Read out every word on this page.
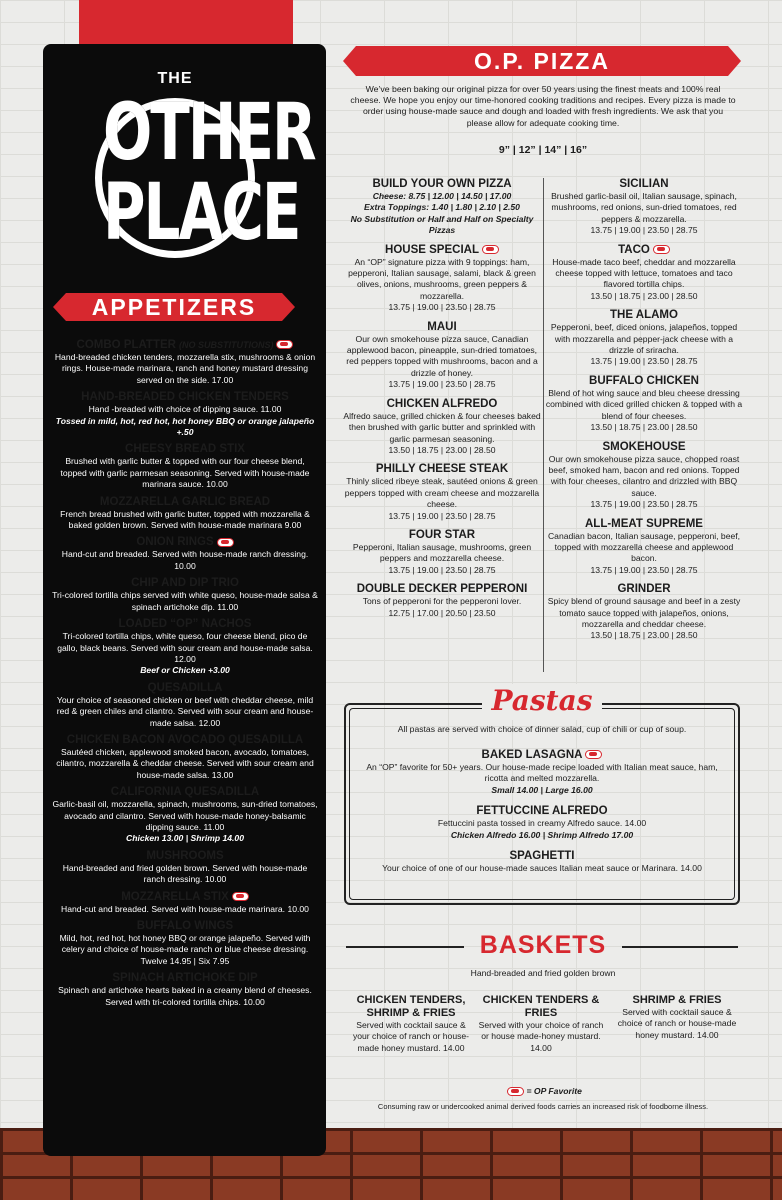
THE
OTHER
PLACE
APPETIZERS
COMBO PLATTER (NO SUBSTITUTIONS)
Hand-breaded chicken tenders, mozzarella stix, mushrooms & onion rings. House-made marinara, ranch and honey mustard dressing served on the side. 17.00
HAND-BREADED CHICKEN TENDERS
Hand -breaded with choice of dipping sauce. 11.00
Tossed in mild, hot, red hot, hot honey BBQ or orange jalapeño +.50
CHEESY BREAD STIX
Brushed with garlic butter & topped with our four cheese blend, topped with garlic parmesan seasoning. Served with house-made marinara sauce. 10.00
MOZZARELLA GARLIC BREAD
French bread brushed with garlic butter, topped with mozzarella & baked golden brown. Served with house-made marinara 9.00
ONION RINGS
Hand-cut and breaded. Served with house-made ranch dressing. 10.00
CHIP AND DIP TRIO
Tri-colored tortilla chips served with white queso, house-made salsa & spinach artichoke dip. 11.00
LOADED “OP” NACHOS
Tri-colored tortilla chips, white queso, four cheese blend, pico de gallo, black beans. Served with sour cream and house-made salsa. 12.00
Beef or Chicken +3.00
QUESADILLA
Your choice of seasoned chicken or beef with cheddar cheese, mild red & green chiles and cilantro. Served with sour cream and house-made salsa. 12.00
CHICKEN BACON AVOCADO QUESADILLA
Sautéed chicken, applewood smoked bacon, avocado, tomatoes, cilantro, mozzarella & cheddar cheese. Served with sour cream and house-made salsa. 13.00
CALIFORNIA QUESADILLA
Garlic-basil oil, mozzarella, spinach, mushrooms, sun-dried tomatoes, avocado and cilantro. Served with house-made honey-balsamic dipping sauce. 11.00
Chicken 13.00 | Shrimp 14.00
MUSHROOMS
Hand-breaded and fried golden brown. Served with house-made ranch dressing. 10.00
MOZZARELLA STIX
Hand-cut and breaded. Served with house-made marinara. 10.00
BUFFALO WINGS
Mild, hot, red hot, hot honey BBQ or orange jalapeño. Served with celery and choice of house-made ranch or blue cheese dressing. Twelve 14.95 | Six 7.95
SPINACH ARTICHOKE DIP
Spinach and artichoke hearts baked in a creamy blend of cheeses. Served with tri-colored tortilla chips. 10.00
O.P. PIZZA
We’ve been baking our original pizza for over 50 years using the finest meats and 100% real cheese. We hope you enjoy our time-honored cooking traditions and recipes. Every pizza is made to order using house-made sauce and dough and loaded with fresh ingredients. We ask that you please allow for adequate cooking time.
9” | 12” | 14” | 16”
BUILD YOUR OWN PIZZA
Cheese: 8.75 | 12.00 | 14.50 | 17.00
Extra Toppings: 1.40 | 1.80 | 2.10 | 2.50
No Substitution or Half and Half on Specialty Pizzas
HOUSE SPECIAL
An “OP” signature pizza with 9 toppings: ham, pepperoni, Italian sausage, salami, black & green olives, onions, mushrooms, green peppers & mozzarella.
13.75 | 19.00 | 23.50 | 28.75
MAUI
Our own smokehouse pizza sauce, Canadian applewood bacon, pineapple, sun-dried tomatoes, red peppers topped with mushrooms, bacon and a drizzle of honey.
13.75 | 19.00 | 23.50 | 28.75
CHICKEN ALFREDO
Alfredo sauce, grilled chicken & four cheeses baked then brushed with garlic butter and sprinkled with garlic parmesan seasoning.
13.50 | 18.75 | 23.00 | 28.50
PHILLY CHEESE STEAK
Thinly sliced ribeye steak, sautéed onions & green peppers topped with cream cheese and mozzarella cheese.
13.75 | 19.00 | 23.50 | 28.75
FOUR STAR
Pepperoni, Italian sausage, mushrooms, green peppers and mozzarella cheese.
13.75 | 19.00 | 23.50 | 28.75
DOUBLE DECKER PEPPERONI
Tons of pepperoni for the pepperoni lover.
12.75 | 17.00 | 20.50 | 23.50
SICILIAN
Brushed garlic-basil oil, Italian sausage, spinach, mushrooms, red onions, sun-dried tomatoes, red peppers & mozzarella.
13.75 | 19.00 | 23.50 | 28.75
TACO
House-made taco beef, cheddar and mozzarella cheese topped with lettuce, tomatoes and taco flavored tortilla chips.
13.50 | 18.75 | 23.00 | 28.50
THE ALAMO
Pepperoni, beef, diced onions, jalapeños, topped with mozzarella and pepper-jack cheese with a drizzle of sriracha.
13.75 | 19.00 | 23.50 | 28.75
BUFFALO CHICKEN
Blend of hot wing sauce and bleu cheese dressing combined with diced grilled chicken & topped with a blend of four cheeses.
13.50 | 18.75 | 23.00 | 28.50
SMOKEHOUSE
Our own smokehouse pizza sauce, chopped roast beef, smoked ham, bacon and red onions. Topped with four cheeses, cilantro and drizzled with BBQ sauce.
13.75 | 19.00 | 23.50 | 28.75
ALL-MEAT SUPREME
Canadian bacon, Italian sausage, pepperoni, beef, topped with mozzarella cheese and applewood bacon.
13.75 | 19.00 | 23.50 | 28.75
GRINDER
Spicy blend of ground sausage and beef in a zesty tomato sauce topped with jalapeños, onions, mozzarella and cheddar cheese.
13.50 | 18.75 | 23.00 | 28.50
Pastas
All pastas are served with choice of dinner salad, cup of chili or cup of soup.
BAKED LASAGNA
An “OP” favorite for 50+ years. Our house-made recipe loaded with Italian meat sauce, ham, ricotta and melted mozzarella.
Small 14.00 | Large 16.00
FETTUCCINE ALFREDO
Fettuccini pasta tossed in creamy Alfredo sauce. 14.00
Chicken Alfredo 16.00 | Shrimp Alfredo 17.00
SPAGHETTI
Your choice of one of our house-made sauces Italian meat sauce or Marinara. 14.00
BASKETS
Hand-breaded and fried golden brown
CHICKEN TENDERS, SHRIMP & FRIES
Served with cocktail sauce & your choice of ranch or house-made honey mustard. 14.00
CHICKEN TENDERS & FRIES
Served with your choice of ranch or house made-honey mustard. 14.00
SHRIMP & FRIES
Served with cocktail sauce & choice of ranch or house-made honey mustard. 14.00
= OP Favorite
Consuming raw or undercooked animal derived foods carries an increased risk of foodborne illness.
